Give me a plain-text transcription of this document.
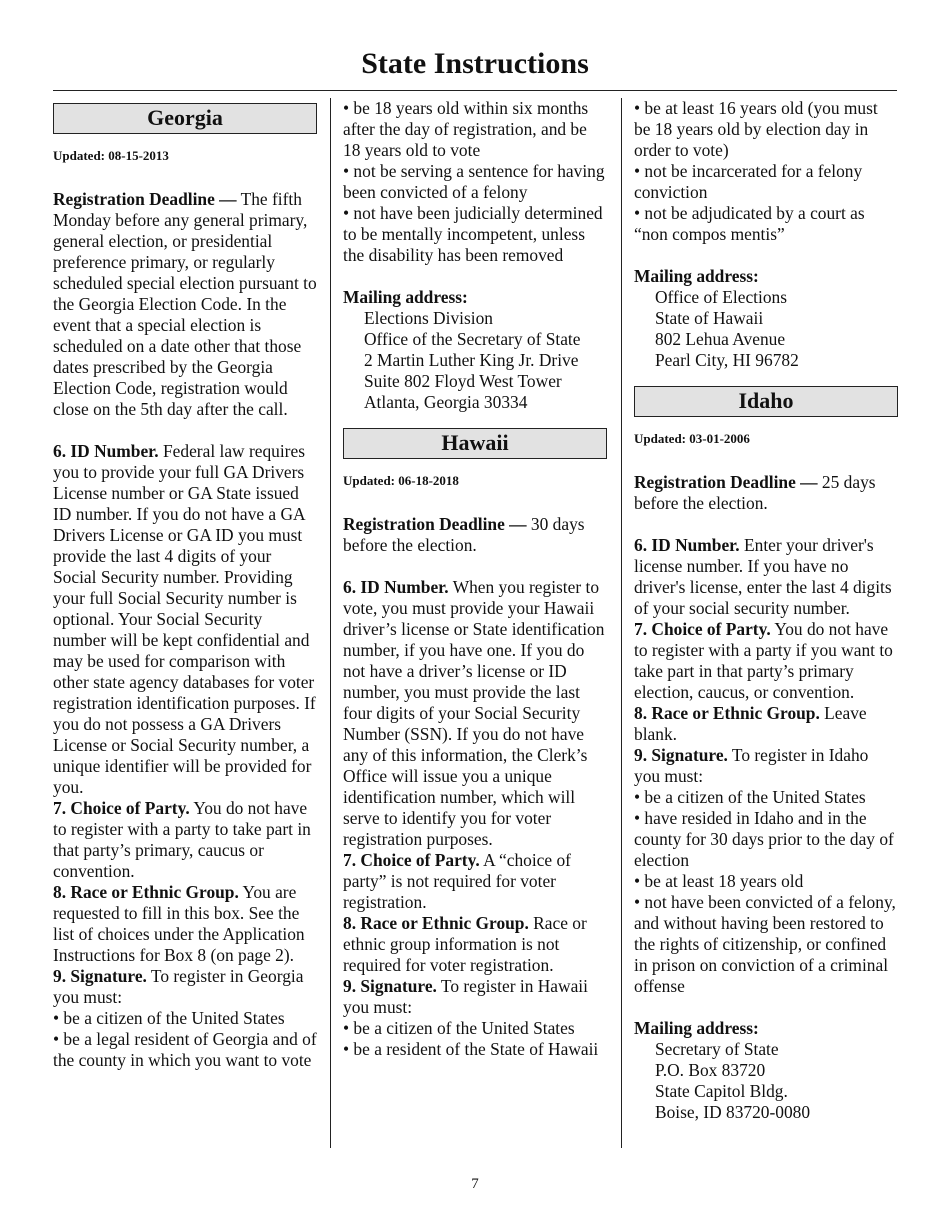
State Instructions
Georgia
Updated: 08-15-2013

Registration Deadline — The fifth Monday before any general primary, general election, or presidential preference primary, or regularly scheduled special election pursuant to the Georgia Election Code. In the event that a special election is scheduled on a date other that those dates prescribed by the Georgia Election Code, registration would close on the 5th day after the call.

6. ID Number. Federal law requires you to provide your full GA Drivers License number or GA State issued ID number. If you do not have a GA Drivers License or GA ID you must provide the last 4 digits of your Social Security number. Providing your full Social Security number is optional. Your Social Security number will be kept confidential and may be used for comparison with other state agency databases for voter registration identification purposes. If you do not possess a GA Drivers License or Social Security number, a unique identifier will be provided for you.

7. Choice of Party. You do not have to register with a party to take part in that party’s primary, caucus or convention.

8. Race or Ethnic Group. You are requested to fill in this box. See the list of choices under the Application Instructions for Box 8 (on page 2).

9. Signature. To register in Georgia you must:

• be a citizen of the United States
• be a legal resident of Georgia and of the county in which you want to vote
• be 18 years old within six months after the day of registration, and be 18 years old to vote
• not be serving a sentence for having been convicted of a felony
• not have been judicially determined to be mentally incompetent, unless the disability has been removed
Mailing address:
Elections Division
Office of the Secretary of State
2 Martin Luther King Jr. Drive
Suite 802 Floyd West Tower
Atlanta, Georgia 30334
Hawaii
Updated: 06-18-2018

Registration Deadline — 30 days before the election.

6. ID Number. When you register to vote, you must provide your Hawaii driver’s license or State identification number, if you have one. If you do not have a driver’s license or ID number, you must provide the last four digits of your Social Security Number (SSN). If you do not have any of this information, the Clerk’s Office will issue you a unique identification number, which will serve to identify you for voter registration purposes.

7. Choice of Party. A “choice of party” is not required for voter registration.

8. Race or Ethnic Group. Race or ethnic group information is not required for voter registration.

9. Signature. To register in Hawaii you must:

• be a citizen of the United States
• be a resident of the State of Hawaii
• be at least 16 years old (you must be 18 years old by election day in order to vote)
• not be incarcerated for a felony conviction
• not be adjudicated by a court as “non compos mentis”
Mailing address:
Office of Elections
State of Hawaii
802 Lehua Avenue
Pearl City, HI 96782
Idaho
Updated: 03-01-2006

Registration Deadline — 25 days before the election.

6. ID Number. Enter your driver's license number. If you have no driver's license, enter the last 4 digits of your social security number.

7. Choice of Party. You do not have to register with a party if you want to take part in that party’s primary election, caucus, or convention.

8. Race or Ethnic Group. Leave blank.

9. Signature. To register in Idaho you must:

• be a citizen of the United States
• have resided in Idaho and in the county for 30 days prior to the day of election
• be at least 18 years old
• not have been convicted of a felony, and without having been restored to the rights of citizenship, or confined in prison on conviction of a criminal offense
Mailing address:
Secretary of State
P.O. Box 83720
State Capitol Bldg.
Boise, ID 83720-0080
7
